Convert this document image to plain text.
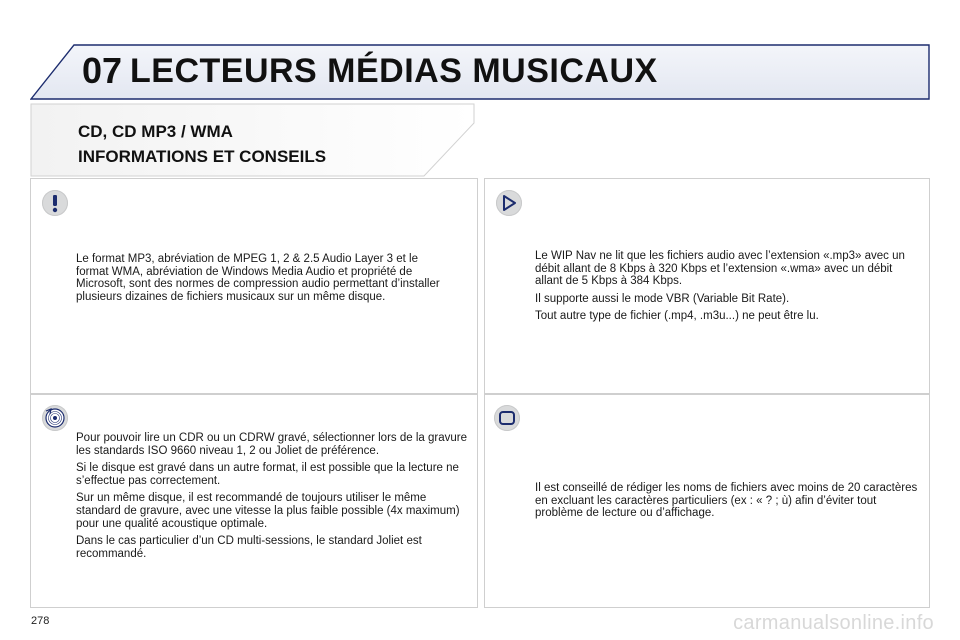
07 LECTEURS MÉDIAS MUSICAUX
CD, CD MP3 / WMA
INFORMATIONS ET CONSEILS

Le format MP3, abréviation de MPEG 1, 2 & 2.5 Audio Layer 3 et le format WMA, abréviation de Windows Media Audio et propriété de Microsoft, sont des normes de compression audio permettant d’installer plusieurs dizaines de fichiers musicaux sur un même disque.

Le WIP Nav ne lit que les fichiers audio avec l’extension «.mp3» avec un débit allant de 8 Kbps à 320 Kbps et l’extension «.wma» avec un débit allant de 5 Kbps à 384 Kbps.

Il supporte aussi le mode VBR (Variable Bit Rate).

Tout autre type de fichier (.mp4, .m3u...) ne peut être lu.

Pour pouvoir lire un CDR ou un CDRW gravé, sélectionner lors de la gravure les standards ISO 9660 niveau 1, 2 ou Joliet de préférence.

Si le disque est gravé dans un autre format, il est possible que la lecture ne s’effectue pas correctement.

Sur un même disque, il est recommandé de toujours utiliser le même standard de gravure, avec une vitesse la plus faible possible (4x maximum) pour une qualité acoustique optimale.

Dans le cas particulier d’un CD multi-sessions, le standard Joliet est recommandé.

Il est conseillé de rédiger les noms de fichiers avec moins de 20 caractères en excluant les caractères particuliers (ex : « ? ; ù) afin d’éviter tout problème de lecture ou d’affichage.

278	carmanualsonline.info
